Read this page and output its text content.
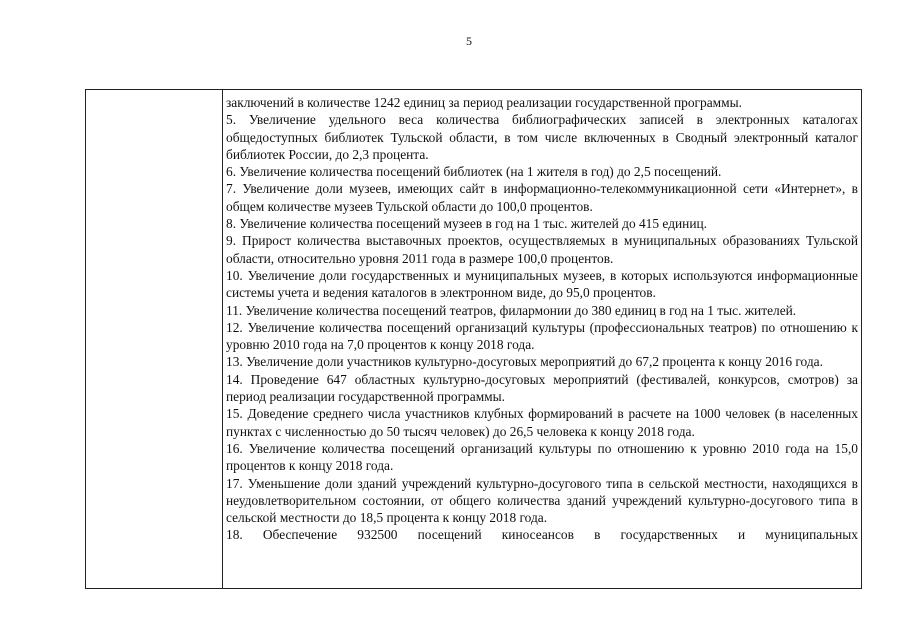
5

заключений в количестве 1242 единиц за период реализации государственной программы.

5. Увеличение удельного веса количества библиографических записей в электронных каталогах общедоступных библиотек Тульской области, в том числе включенных в Сводный электронный каталог библиотек России, до 2,3 процента.

6. Увеличение количества посещений библиотек (на 1 жителя в год) до 2,5 посещений.

7. Увеличение доли музеев, имеющих сайт в информационно-телекоммуникационной сети «Интернет», в общем количестве музеев Тульской области до 100,0 процентов.

8. Увеличение количества посещений музеев в год на 1 тыс. жителей до 415 единиц.

9. Прирост количества выставочных проектов, осуществляемых в муниципальных образованиях Тульской области, относительно уровня 2011 года в размере 100,0 процентов.

10. Увеличение доли государственных и муниципальных музеев, в которых используются информационные системы учета и ведения каталогов в электронном виде, до 95,0 процентов.

11. Увеличение количества посещений театров, филармонии до 380 единиц в год на 1 тыс. жителей.

12. Увеличение количества посещений организаций культуры (профессиональных театров) по отношению к уровню 2010 года на 7,0 процентов к концу 2018 года.

13. Увеличение доли участников культурно-досуговых мероприятий до 67,2 процента к концу 2016 года.

14. Проведение 647 областных культурно-досуговых мероприятий (фестивалей, конкурсов, смотров) за период реализации государственной программы.

15. Доведение среднего числа участников клубных формирований в расчете на 1000 человек (в населенных пунктах с численностью до 50 тысяч человек) до 26,5 человека к концу 2018 года.

16. Увеличение количества посещений организаций культуры по отношению к уровню 2010 года на 15,0 процентов к концу 2018 года.

17. Уменьшение доли зданий учреждений культурно-досугового типа в сельской местности, находящихся в неудовлетворительном состоянии, от общего количества зданий учреждений культурно-досугового типа в сельской местности до 18,5 процента к концу 2018 года.

18. Обеспечение 932500 посещений киносеансов в государственных и муниципальных
